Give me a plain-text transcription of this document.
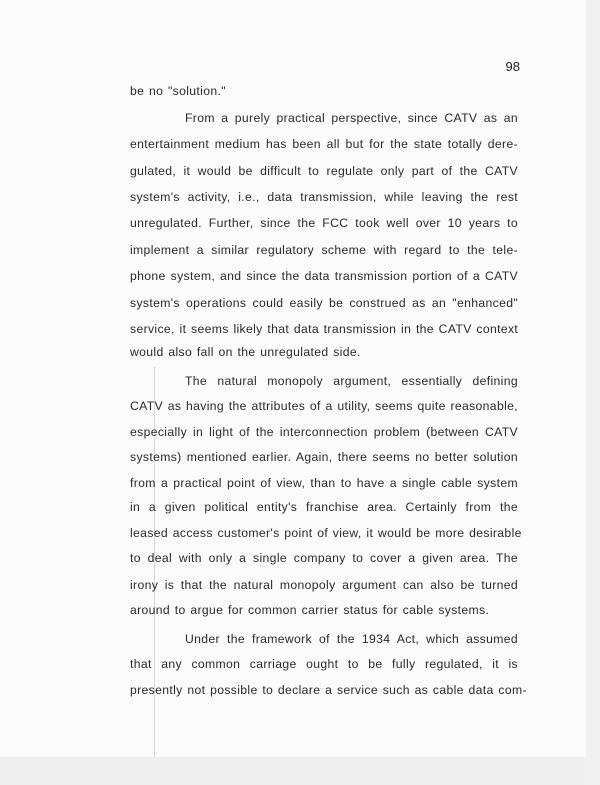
98
be no "solution."
From a purely practical perspective, since CATV as an
entertainment medium has been all but for the state totally dere-
gulated, it would be difficult to regulate only part of the CATV
system's activity, i.e., data transmission, while leaving the rest
unregulated. Further, since the FCC took well over 10 years to
implement a similar regulatory scheme with regard to the tele-
phone system, and since the data transmission portion of a CATV
system's operations could easily be construed as an "enhanced"
service, it seems likely that data transmission in the CATV context
would also fall on the unregulated side.
The natural monopoly argument, essentially defining
CATV as having the attributes of a utility, seems quite reasonable,
especially in light of the interconnection problem (between CATV
systems) mentioned earlier. Again, there seems no better solution
from a practical point of view, than to have a single cable system
in a given political entity's franchise area. Certainly from the
leased access customer's point of view, it would be more desirable
to deal with only a single company to cover a given area. The
irony is that the natural monopoly argument can also be turned
around to argue for common carrier status for cable systems.
Under the framework of the 1934 Act, which assumed
that any common carriage ought to be fully regulated, it is
presently not possible to declare a service such as cable data com-
